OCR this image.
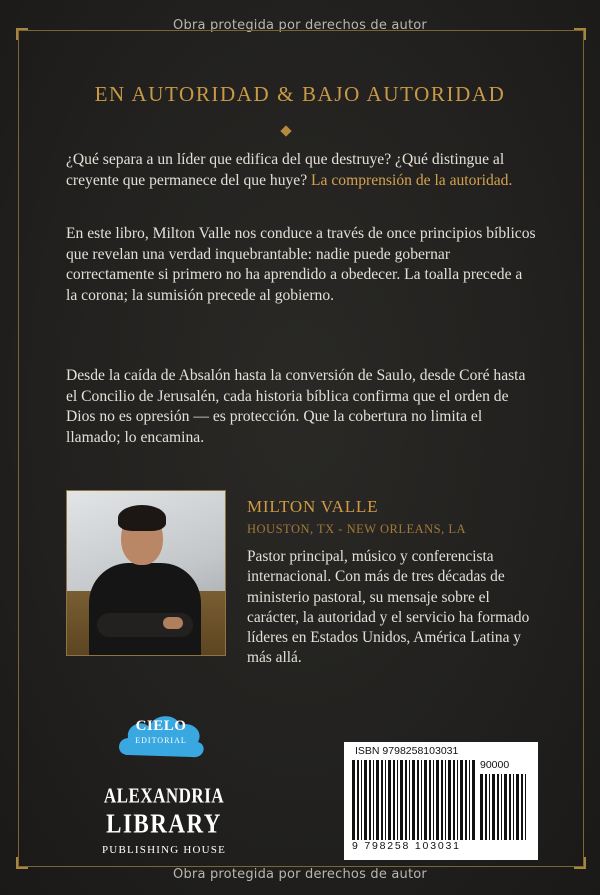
Obra protegida por derechos de autor
EN AUTORIDAD & BAJO AUTORIDAD
¿Qué separa a un líder que edifica del que destruye? ¿Qué distingue al creyente que permanece del que huye? La comprensión de la autoridad.
En este libro, Milton Valle nos conduce a través de once principios bíblicos que revelan una verdad inquebrantable: nadie puede gobernar correctamente si primero no ha aprendido a obedecer. La toalla precede a la corona; la sumisión precede al gobierno.
Desde la caída de Absalón hasta la conversión de Saulo, desde Coré hasta el Concilio de Jerusalén, cada historia bíblica confirma que el orden de Dios no es opresión — es protección. Que la cobertura no limita el llamado; lo encamina.
MILTON VALLE
HOUSTON, TX - NEW ORLEANS, LA
Pastor principal, músico y conferencista internacional. Con más de tres décadas de ministerio pastoral, su mensaje sobre el carácter, la autoridad y el servicio ha formado líderes en Estados Unidos, América Latina y más allá.
CIELO
EDITORIAL
ALEXANDRIA
LIBRARY
PUBLISHING HOUSE
ISBN 9798258103031
90000
9 798258 103031
Obra protegida por derechos de autor
